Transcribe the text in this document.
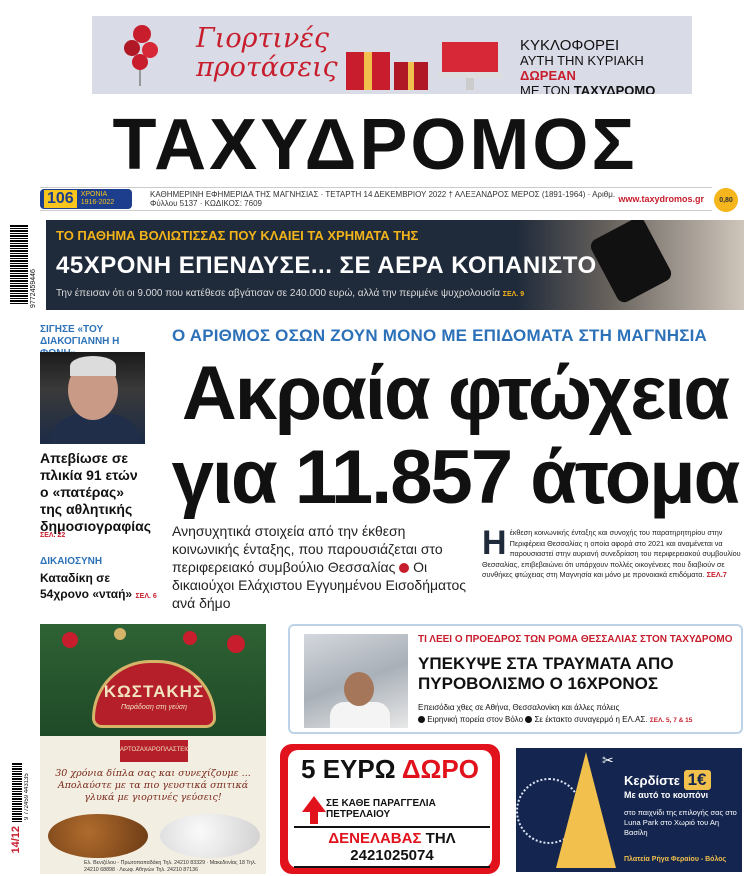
Γιορτινές προτάσεις
ΚΥΚΛΟΦΟΡΕΙ
ΑΥΤΗ ΤΗΝ ΚΥΡΙΑΚΗ ΔΩΡΕΑΝ
ΜΕ ΤΟΝ ΤΑΧΥΔΡΟΜΟ
ΤΑΧΥΔΡΟΜΟΣ
106	ΧΡΟΝΙΑ
1916-2022
ΚΑΘΗΜΕΡΙΝΗ ΕΦΗΜΕΡΙΔΑ ΤΗΣ ΜΑΓΝΗΣΙΑΣ · ΤΕΤΑΡΤΗ 14 ΔΕΚΕΜΒΡΙΟΥ 2022 † ΑΛΕΞΑΝΔΡΟΣ ΜΕΡΟΣ (1891-1964) · Αριθμ. Φύλλου 5137 · ΚΩΔΙΚΟΣ: 7609	www.taxydromos.gr	0,80
9772459446
ΤΟ ΠΑΘΗΜΑ ΒΟΛΙΩΤΙΣΣΑΣ ΠΟΥ ΚΛΑΙΕΙ ΤΑ ΧΡΗΜΑΤΑ ΤΗΣ
45ΧΡΟΝΗ ΕΠΕΝΔΥΣΕ... ΣΕ ΑΕΡΑ ΚΟΠΑΝΙΣΤΟ
Την έπεισαν ότι οι 9.000 που κατέθεσε αβγάτισαν σε 240.000 ευρώ, αλλά την περιμένε ψυχρολουσία ΣΕΛ. 9
ΣΙΓΗΣΕ «ΤΟΥ ΔΙΑΚΟΓΙΑΝΝΗ Η
Απεβίωσε σε πλικία 91 ετών ο «πατέρας» της αθλητικής δημοσιογραφίας
ΣΕΛ. 22
ΔΙΚΑΙΟΣΥΝΗ
Καταδίκη σε 54χρονο «νταή» ΣΕΛ. 6
Ο ΑΡΙΘΜΟΣ ΟΣΩΝ ΖΟΥΝ ΜΟΝΟ ΜΕ ΕΠΙΔΟΜΑΤΑ ΣΤΗ ΜΑΓΝΗΣΙΑ
Ακραία φτώχεια
για 11.857 άτομα
Ανησυχητικά στοιχεία από την έκθεση κοινωνικής ένταξης, που παρουσιάζεται στο περιφερειακό συμβούλιο Θεσσαλίας Οι δικαιούχοι Ελάχιστου Εγγυημένου Εισοδήματος ανά δήμο
Ηέκθεση κοινωνικής ένταξης και συνοχής του παρατηρητηρίου στην Περιφέρεια Θεσσαλίας η οποία αφορά στο 2021 και αναμένεται να παρουσιαστεί στην αυριανή συνεδρίαση του περιφερειακού συμβουλίου Θεσσαλίας, επιβεβαιώνει ότι υπάρχουν πολλές οικογένειες που διαβιούν σε συνθήκες φτώχειας στη Μαγνησία και μόνο με προνοιακά επιδόματα. ΣΕΛ.7
ΚΩΣΤΑΚΗΣ
Παράδοση στη γεύση
ΑΡΤΟΖΑΧΑΡΟΠΛΑΣΤΕΙΟ
30 χρόνια δίπλα σας και συνεχίζουμε ... Απολαύστε με τα πιο γευστικά σπιτικά γλυκά με γιορτινές γεύσεις!
Ελ. Βενιζέλου - Πρωτοπαπαδάκη Τηλ. 24210 83329 · Μακεδονίας 18 Τηλ. 24210 68898 · Λεωφ. Αθηνών Τηλ. 24210 87136
ΤΙ ΛΕΕΙ Ο ΠΡΟΕΔΡΟΣ ΤΩΝ ΡΟΜΑ ΘΕΣΣΑΛΙΑΣ ΣΤΟΝ ΤΑΧΥΔΡΟΜΟ
ΥΠΕΚΥΨΕ ΣΤΑ ΤΡΑΥΜΑΤΑ ΑΠΟ ΠΥΡΟΒΟΛΙΣΜΟ Ο 16ΧΡΟΝΟΣ
Επεισόδια χθες σε Αθήνα, Θεσσαλονίκη και άλλες πόλεις
Ειρηνική πορεία στον Βόλο Σε έκτακτο συναγερμό η ΕΛ.ΑΣ. ΣΕΛ. 5, 7 & 15
5 ΕΥΡΩ ΔΩΡΟ
ΣΕ ΚΑΘΕ ΠΑΡΑΓΓΕΛΙΑ ΠΕΤΡΕΛΑΙΟΥ
ΔΕΝΕΛΑΒΑΣ ΤΗΛ 2421025074
✂
Κερδίστε 1€
Με αυτό το κουπόνι
στο παιχνίδι της επιλογής σας στο Luna Park στο Χωριό του Αη Βασίλη
Πλατεία Ρήγα Φεραίου - Βόλος
9 772459 443135
14/12
